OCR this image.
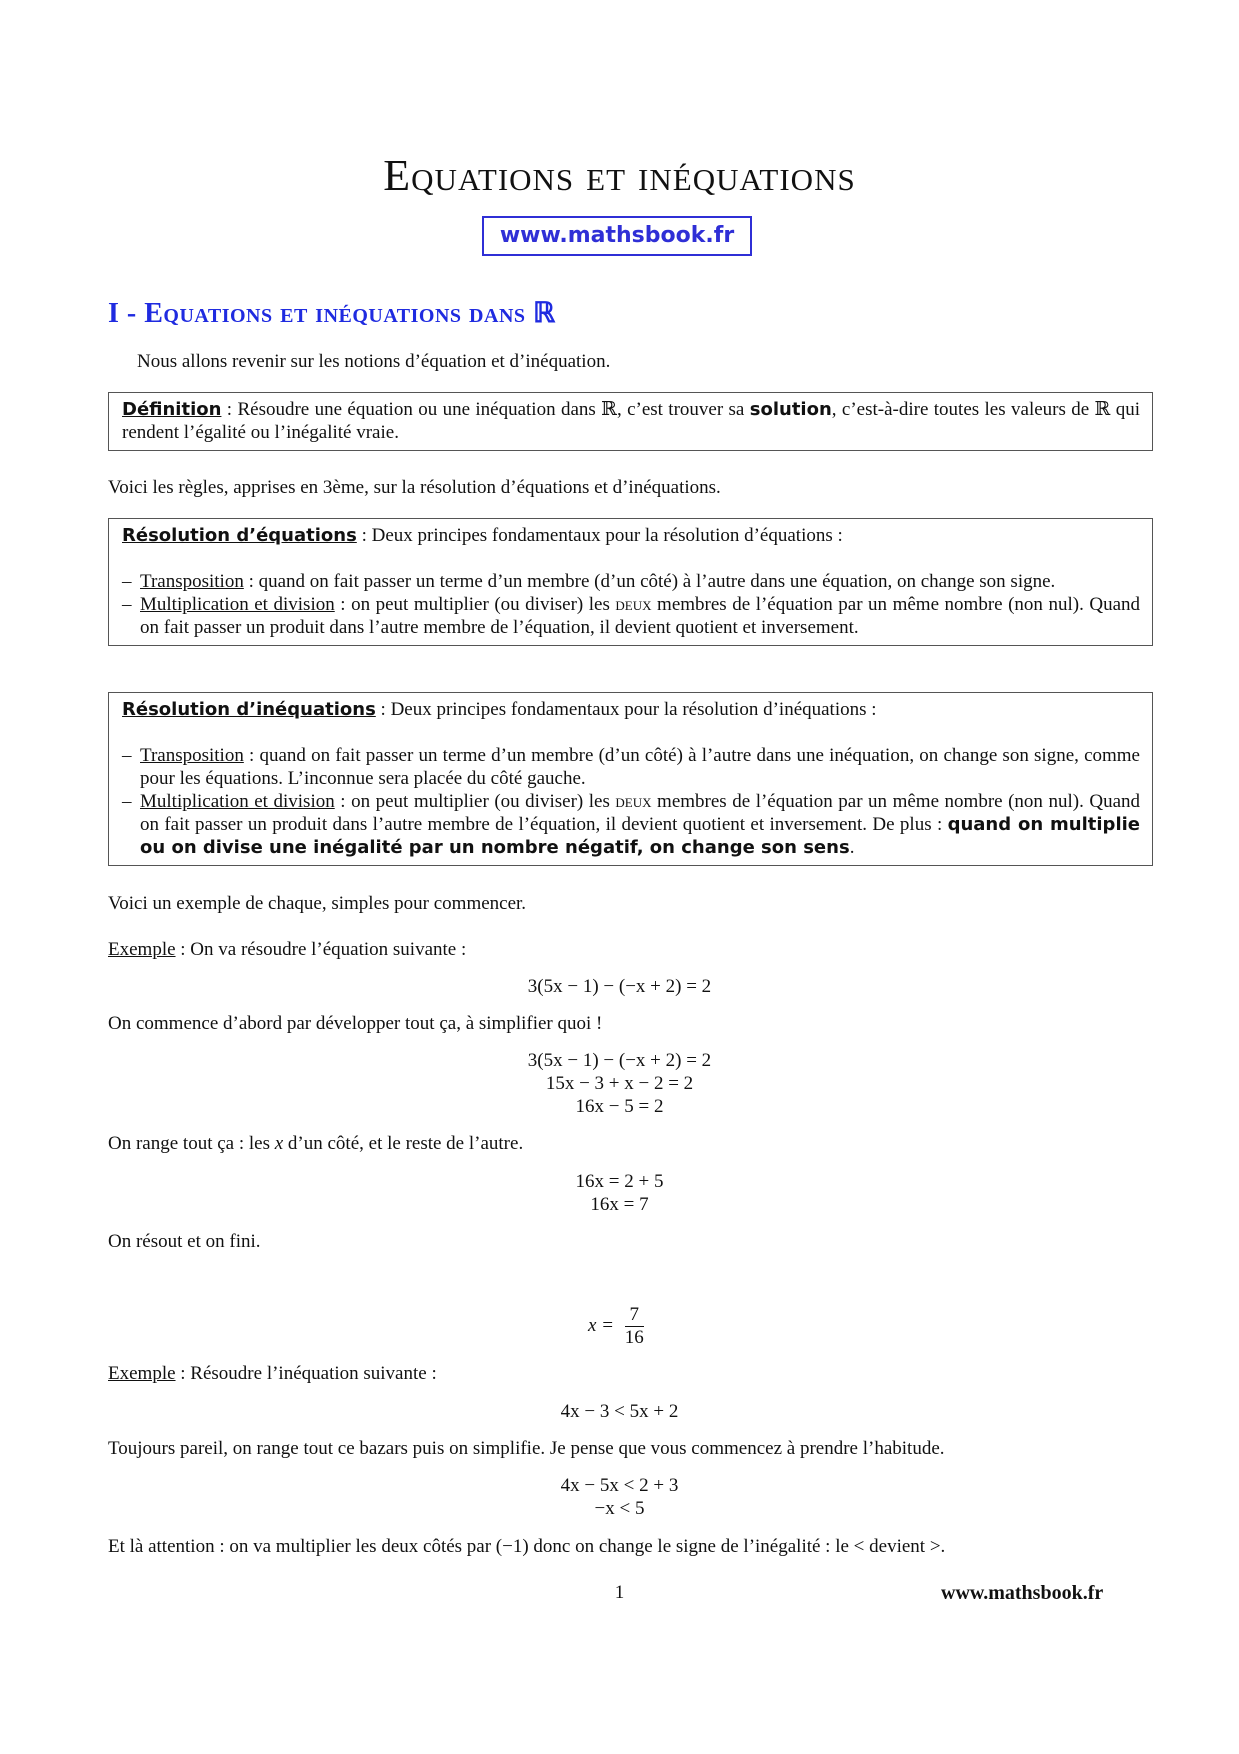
Equations et inéquations
www.mathsbook.fr
I - Equations et inéquations dans ℝ
Nous allons revenir sur les notions d’équation et d’inéquation.
Définition : Résoudre une équation ou une inéquation dans ℝ, c’est trouver sa solution, c’est-à-dire toutes les valeurs de ℝ qui rendent l’égalité ou l’inégalité vraie.
Voici les règles, apprises en 3ème, sur la résolution d’équations et d’inéquations.
Résolution d’équations : Deux principes fondamentaux pour la résolution d’équations :
– Transposition : quand on fait passer un terme d’un membre (d’un côté) à l’autre dans une équation, on change son signe.
– Multiplication et division : on peut multiplier (ou diviser) les deux membres de l’équation par un même nombre (non nul). Quand on fait passer un produit dans l’autre membre de l’équation, il devient quotient et inversement.
Résolution d’inéquations : Deux principes fondamentaux pour la résolution d’inéquations :
– Transposition : quand on fait passer un terme d’un membre (d’un côté) à l’autre dans une inéquation, on change son signe, comme pour les équations. L’inconnue sera placée du côté gauche.
– Multiplication et division : on peut multiplier (ou diviser) les deux membres de l’équation par un même nombre (non nul). Quand on fait passer un produit dans l’autre membre de l’équation, il devient quotient et inversement. De plus : quand on multiplie ou on divise une inégalité par un nombre négatif, on change son sens.
Voici un exemple de chaque, simples pour commencer.
Exemple : On va résoudre l’équation suivante :
3(5x − 1) − (−x + 2) = 2
On commence d’abord par développer tout ça, à simplifier quoi !
3(5x − 1) − (−x + 2) = 2
15x − 3 + x − 2 = 2
16x − 5 = 2
On range tout ça : les x d’un côté, et le reste de l’autre.
16x = 2 + 5
16x = 7
On résout et on fini.
$x = \frac{7}{16}$
Exemple : Résoudre l’inéquation suivante :
4x − 3 < 5x + 2
Toujours pareil, on range tout ce bazars puis on simplifie. Je pense que vous commencez à prendre l’habitude.
4x − 5x < 2 + 3
−x < 5
Et là attention : on va multiplier les deux côtés par (−1) donc on change le signe de l’inégalité : le < devient >.
1	www.mathsbook.fr
